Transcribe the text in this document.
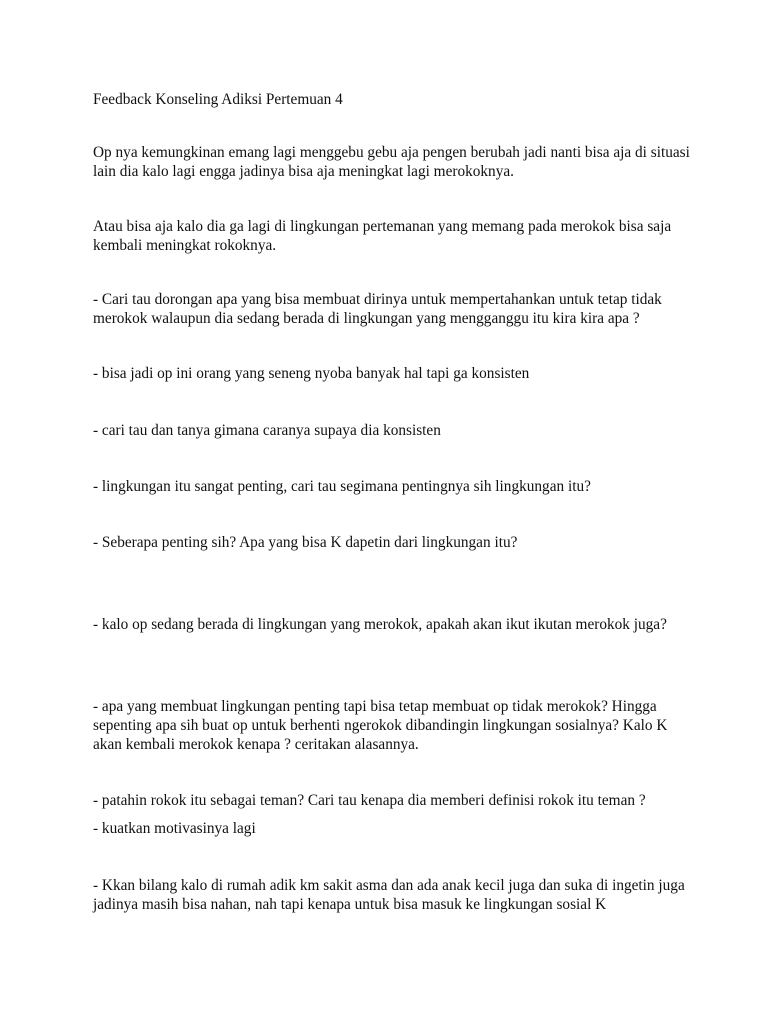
Feedback Konseling Adiksi Pertemuan 4

Op nya kemungkinan emang lagi menggebu gebu aja pengen berubah jadi nanti bisa aja di situasi lain dia kalo lagi engga jadinya bisa aja meningkat lagi merokoknya.

Atau bisa aja kalo dia ga lagi di lingkungan pertemanan yang memang pada merokok bisa saja kembali meningkat rokoknya.

- Cari tau dorongan apa yang bisa membuat dirinya untuk mempertahankan untuk tetap tidak merokok walaupun dia sedang berada di lingkungan yang mengganggu itu kira kira apa ?

- bisa jadi op ini orang yang seneng nyoba banyak hal tapi ga konsisten

- cari tau dan tanya gimana caranya supaya dia konsisten

- lingkungan itu sangat penting, cari tau segimana pentingnya sih lingkungan itu?

- Seberapa penting sih? Apa yang bisa K dapetin dari lingkungan itu?

- kalo op sedang berada di lingkungan yang merokok, apakah akan ikut ikutan merokok juga?

- apa yang membuat lingkungan penting tapi bisa tetap membuat op tidak merokok? Hingga sepenting apa sih buat op untuk berhenti ngerokok dibandingin lingkungan sosialnya? Kalo K akan kembali merokok kenapa ? ceritakan alasannya.

- patahin rokok itu sebagai teman? Cari tau kenapa dia memberi definisi rokok itu teman ?

- kuatkan motivasinya lagi

- Kkan bilang kalo di rumah adik km sakit asma dan ada anak kecil juga dan suka di ingetin juga jadinya masih bisa nahan, nah tapi kenapa untuk bisa masuk ke lingkungan sosial K
